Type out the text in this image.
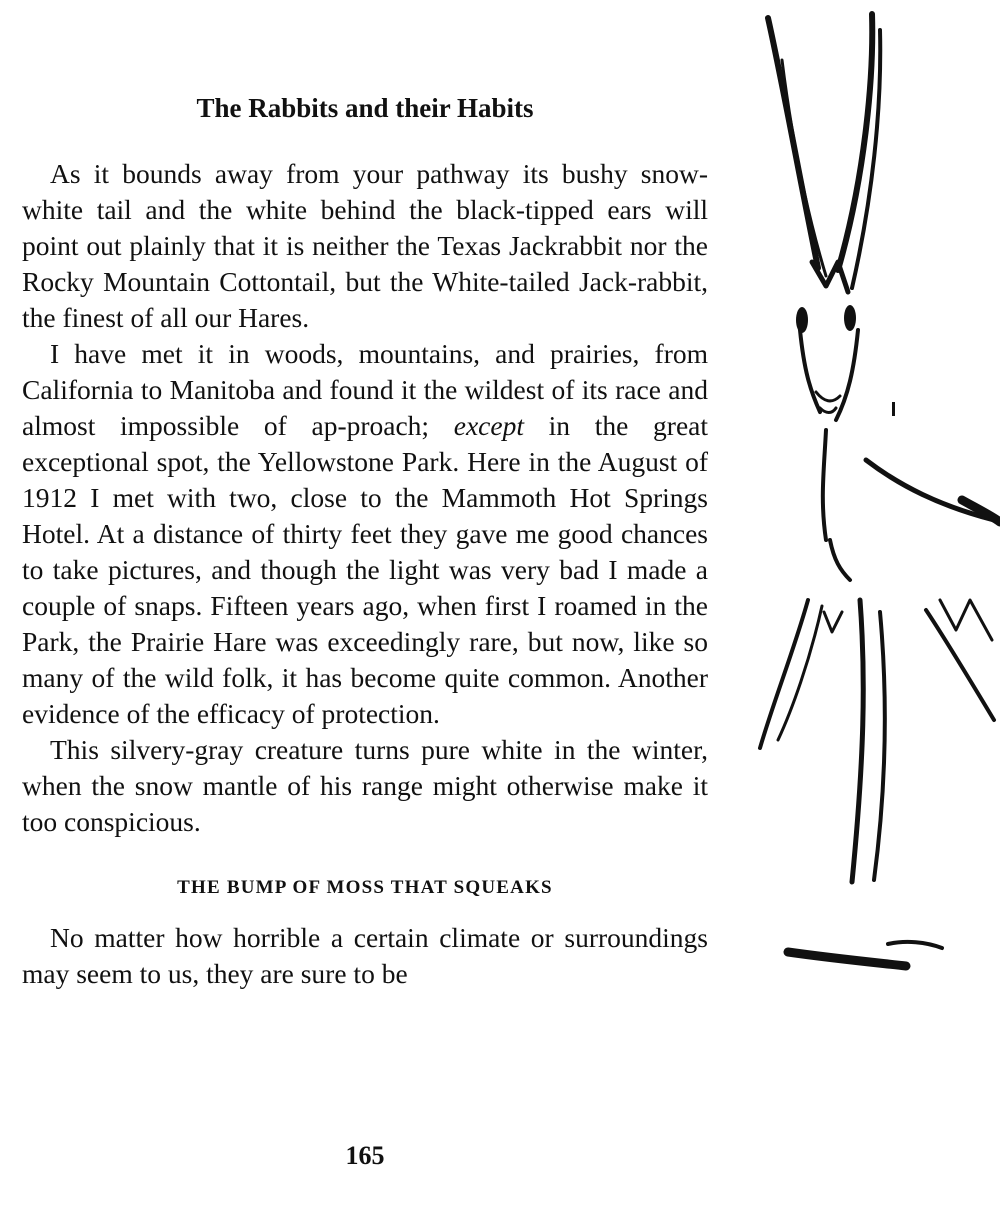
The Rabbits and their Habits

As it bounds away from your pathway its bushy snow-white tail and the white behind the black-tipped ears will point out plainly that it is neither the Texas Jackrabbit nor the Rocky Mountain Cottontail, but the White-tailed Jack-rabbit, the finest of all our Hares.

I have met it in woods, mountains, and prairies, from California to Manitoba and found it the wildest of its race and almost impossible of ap-proach; except in the great exceptional spot, the Yellowstone Park. Here in the August of 1912 I met with two, close to the Mammoth Hot Springs Hotel. At a distance of thirty feet they gave me good chances to take pictures, and though the light was very bad I made a couple of snaps. Fifteen years ago, when first I roamed in the Park, the Prairie Hare was exceedingly rare, but now, like so many of the wild folk, it has become quite common. Another evidence of the efficacy of protection.

This silvery-gray creature turns pure white in the winter, when the snow mantle of his range might otherwise make it too conspicious.

THE BUMP OF MOSS THAT SQUEAKS

No matter how horrible a certain climate or surroundings may seem to us, they are sure to be

165
